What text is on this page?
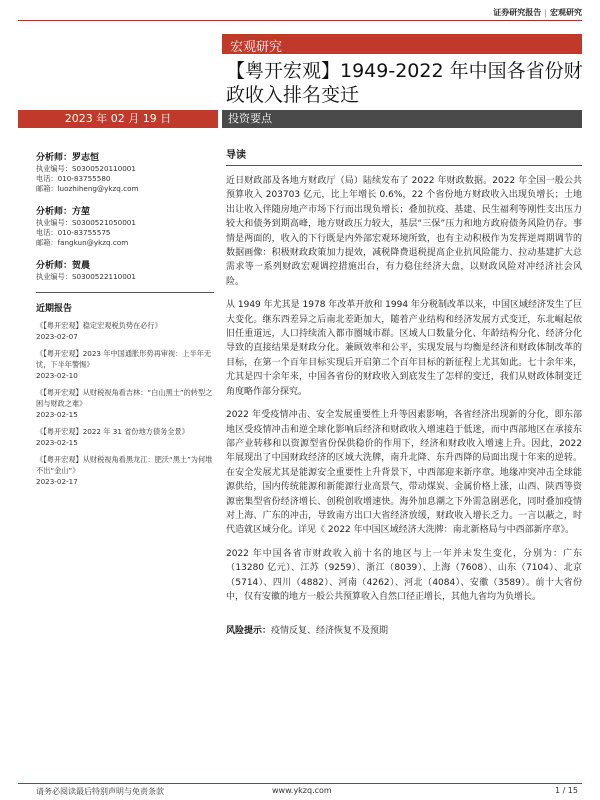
证券研究报告 | 宏观研究
宏观研究
【粤开宏观】1949-2022 年中国各省份财政收入排名变迁
2023 年 02 月 19 日	投资要点
分析师：罗志恒
执业编号：S0300520110001
电话：010-83755580
邮箱：luozhiheng@ykzq.com
分析师：方堃
执业编号：S0300521050001
电话：010-83755575
邮箱：fangkun@ykzq.com
分析师：贺晨
执业编号：S0300522110001
近期报告
《【粤开宏观】稳定宏观税负势在必行》
2023-02-07
《【粤开宏观】2023 年中国通胀形势再审视：上半年无忧，下半年警惕》
2023-02-10
《【粤开宏观】从财税视角看吉林：“白山黑土”的转型之困与财政之难》
2023-02-15
《【粤开宏观】2022 年 31 省份地方债务全景》
2023-02-15
《【粤开宏观】从财税视角看黑龙江：肥沃“黑土”为何堆不出“金山”》
2023-02-17
导读

近日财政部及各地方财政厅（局）陆续发布了 2022 年财政数据。2022 年全国一般公共预算收入 203703 亿元，比上年增长 0.6%，22 个省份地方财政收入出现负增长；土地出让收入伴随房地产市场下行而出现负增长；叠加抗疫、基建、民生福利等刚性支出压力较大和债务到期高峰，地方财政压力较大，基层“三保”压力和地方政府债务风险仍存。事情是两面的，收入的下行既是内外部宏观环境所致，也有主动积极作为发挥逆周期调节的数据画像：积极财政政策加力提效，减税降费退税提高企业抗风险能力、拉动基建扩大总需求等一系列财政宏观调控措施出台，有力稳住经济大盘，以财政风险对冲经济社会风险。

从 1949 年尤其是 1978 年改革开放和 1994 年分税制改革以来，中国区域经济发生了巨大变化。继东西差异之后南北差距加大，随着产业结构和经济发展方式变迁，东北崛起依旧任重道远，人口持续流入都市圈城市群。区域人口数量分化、年龄结构分化、经济分化导致的直接结果是财政分化。兼顾效率和公平，实现发展与均衡是经济和财政体制改革的目标，在第一个百年目标实现后开启第二个百年目标的新征程上尤其如此。七十余年来，尤其是四十余年来，中国各省份的财政收入到底发生了怎样的变迁，我们从财政体制变迁角度略作部分探究。

2022 年受疫情冲击、安全发展重要性上升等因素影响，各省经济出现新的分化，即东部地区受疫情冲击和逆全球化影响后经济和财政收入增速趋于低迷，而中西部地区在承接东部产业转移和以资源型省份保供稳价的作用下，经济和财政收入增速上升。因此，2022 年展现出了中国财政经济的区域大洗牌，南升北降、东升西降的局面出现十年来的逆转。在安全发展尤其是能源安全重要性上升背景下，中西部迎来新序章。地缘冲突冲击全球能源供给，国内传统能源和新能源行业高景气，带动煤炭、金属价格上涨，山西、陕西等资源密集型省份经济增长、创税创收增速快。海外加息潮之下外需急剧恶化，同时叠加疫情对上海、广东的冲击，导致南方出口大省经济放缓，财政收入增长乏力。一言以蔽之，时代造就区域分化。详见《 2022 年中国区域经济大洗牌：南北新格局与中西部新序章》。

2022 年中国各省市财政收入前十名的地区与上一年并未发生变化，分别为：广东（13280 亿元）、江苏（9259）、浙江（8039）、上海（7608）、山东（7104）、北京（5714）、四川（4882）、河南（4262）、河北（4084）、安徽（3589）。前十大省份中，仅有安徽的地方一般公共预算收入自然口径正增长，其他九省均为负增长。

风险提示：疫情反复、经济恢复不及预期
请务必阅读最后特别声明与免责条款	www.ykzq.com	1 / 15
